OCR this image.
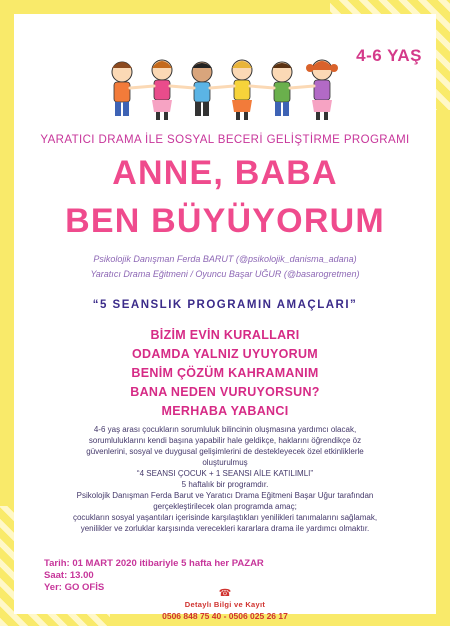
4-6 YAŞ
YARATICI DRAMA İLE SOSYAL BECERİ GELİŞTİRME PROGRAMI
ANNE, BABA
BEN BÜYÜYORUM
Psikolojik Danışman Ferda BARUT (@psikolojik_danisma_adana)
Yaratıcı Drama Eğitmeni / Oyuncu Başar UĞUR (@basarogretmen)
“5 SEANSLIK PROGRAMIN AMAÇLARI”
BİZİM EVİN KURALLARI
ODAMDA YALNIZ UYUYORUM
BENİM ÇÖZÜM KAHRAMANIM
BANA NEDEN VURUYORSUN?
MERHABA YABANCI
4-6 yaş arası çocukların sorumluluk bilincinin oluşmasına yardımcı olacak,
sorumluluklarını kendi başına yapabilir hale geldikçe, haklarını öğrendikçe öz
güvenlerini, sosyal ve duygusal gelişimlerini de destekleyecek özel etkinliklerle
oluşturulmuş
“4 SEANSI ÇOCUK + 1 SEANSI AİLE KATILIMLI”
5 haftalık bir programdır.
Psikolojik Danışman Ferda Barut ve Yaratıcı Drama Eğitmeni Başar Uğur tarafından
gerçekleştirilecek olan programda amaç;
çocukların sosyal yaşantıları içerisinde karşılaştıkları yenilikleri tanımalarını sağlamak,
yenilikler ve zorluklar karşısında verecekleri kararlara drama ile yardımcı olmaktır.
Tarih: 01 MART 2020 itibariyle 5 hafta her PAZAR
Saat: 13.00
Yer: GO OFİS
☎
Detaylı Bilgi ve Kayıt
0506 848 75 40 - 0506 025 26 17
